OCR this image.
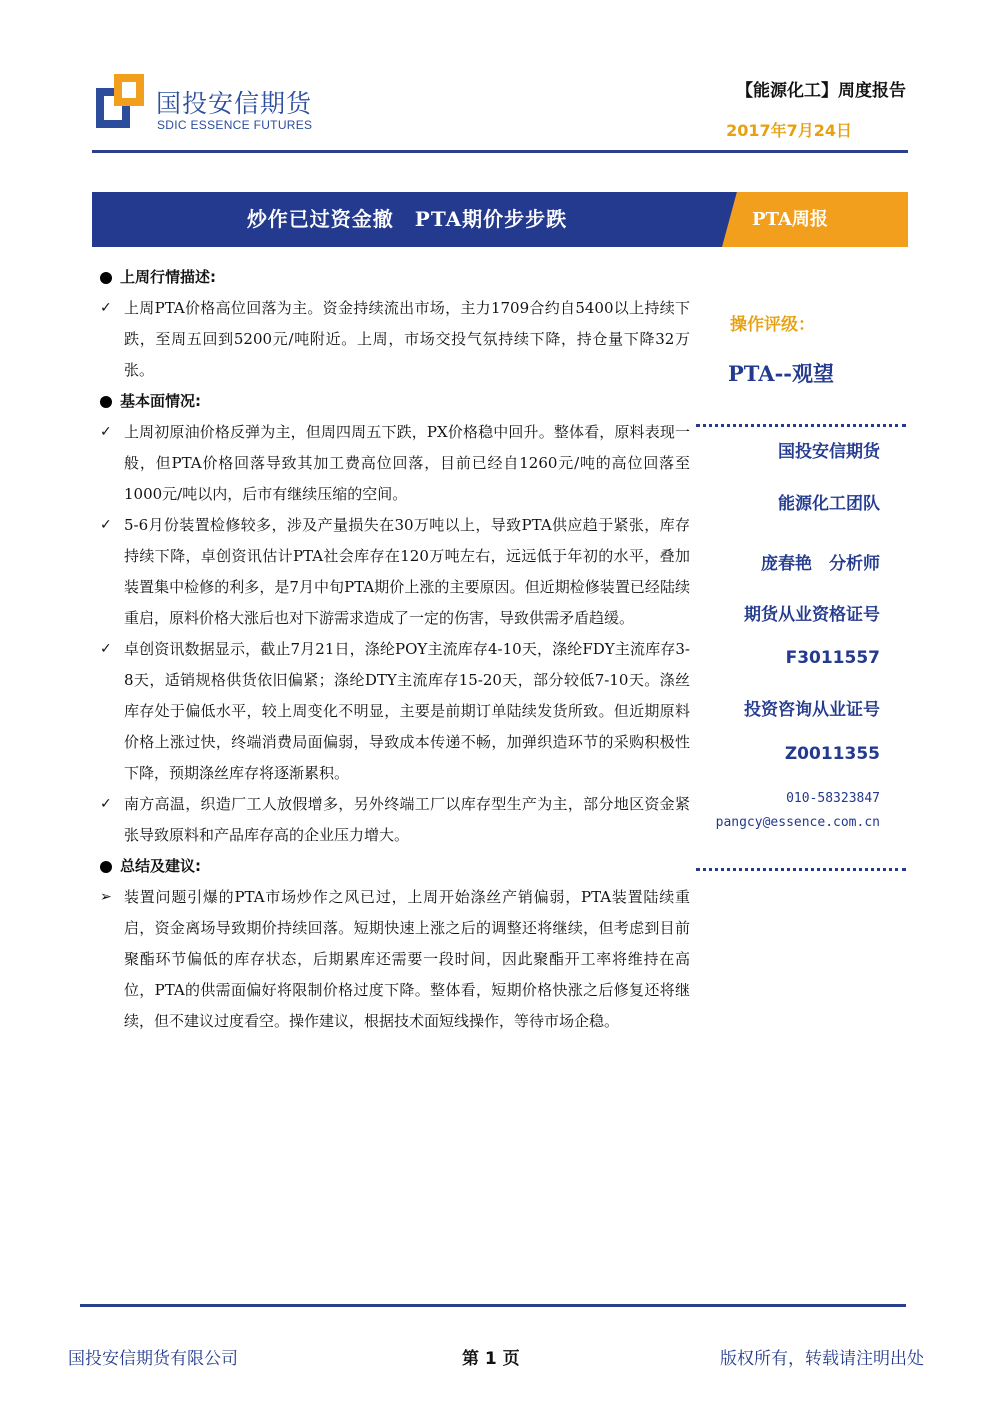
国投安信期货
SDIC ESSENCE FUTURES
【能源化工】周度报告
2017年7月24日
炒作已过资金撤　PTA期价步步跌	PTA周报
上周行情描述 :
✓ 上周PTA价格高位回落为主。资金持续流出市场，主力1709合约自5400以上持续下跌，至周五回到5200元/吨附近。上周，市场交投气氛持续下降，持仓量下降32万张。
基本面情况 :
✓ 上周初原油价格反弹为主，但周四周五下跌，PX价格稳中回升。整体看，原料表现一般，但PTA价格回落导致其加工费高位回落，目前已经自1260元/吨的高位回落至1000元/吨以内，后市有继续压缩的空间。
✓ 5-6月份装置检修较多，涉及产量损失在30万吨以上，导致PTA供应趋于紧张，库存持续下降，卓创资讯估计PTA社会库存在120万吨左右，远远低于年初的水平，叠加装置集中检修的利多，是7月中旬PTA期价上涨的主要原因。但近期检修装置已经陆续重启，原料价格大涨后也对下游需求造成了一定的伤害，导致供需矛盾趋缓。
✓ 卓创资讯数据显示，截止7月21日，涤纶POY主流库存4-10天，涤纶FDY主流库存3-8天，适销规格供货依旧偏紧；涤纶DTY主流库存15-20天，部分较低7-10天。涤丝库存处于偏低水平，较上周变化不明显，主要是前期订单陆续发货所致。但近期原料价格上涨过快，终端消费局面偏弱，导致成本传递不畅，加弹织造环节的采购积极性下降，预期涤丝库存将逐渐累积。
✓ 南方高温，织造厂工人放假增多，另外终端工厂以库存型生产为主，部分地区资金紧张导致原料和产品库存高的企业压力增大。
总结及建议 :
➢ 装置问题引爆的PTA市场炒作之风已过，上周开始涤丝产销偏弱，PTA装置陆续重启，资金离场导致期价持续回落。短期快速上涨之后的调整还将继续，但考虑到目前聚酯环节偏低的库存状态，后期累库还需要一段时间，因此聚酯开工率将维持在高位，PTA的供需面偏好将限制价格过度下降。整体看，短期价格快涨之后修复还将继续，但不建议过度看空。操作建议，根据技术面短线操作，等待市场企稳。
操作评级：
PTA--观望
国投安信期货
能源化工团队
庞春艳　分析师
期货从业资格证号
F3011557
投资咨询从业证号
Z0011355
010-58323847
pangcy@essence.com.cn
国投安信期货有限公司	第 1 页	版权所有，转载请注明出处
